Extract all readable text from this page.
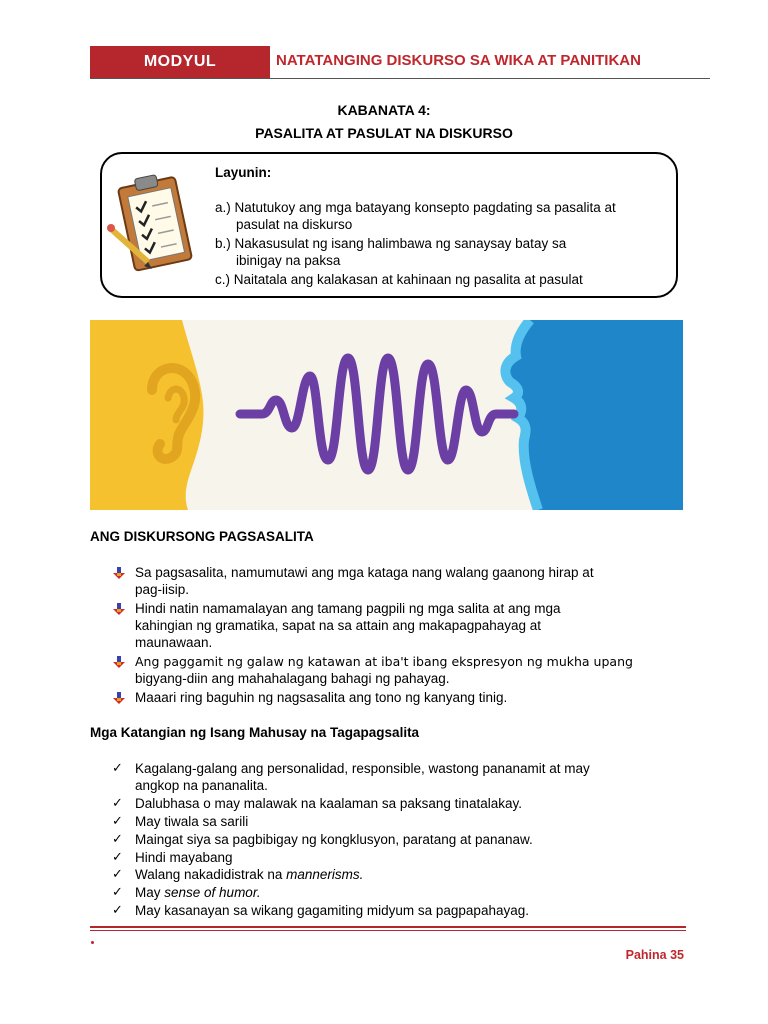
MODYUL	NATATANGING DISKURSO SA WIKA AT PANITIKAN
KABANATA 4:
PASALITA AT PASULAT NA DISKURSO
Layunin:
a.) Natutukoy ang mga batayang konsepto pagdating sa pasalita at
pasulat na diskurso
b.) Nakasusulat ng isang halimbawa ng sanaysay batay sa
ibinigay na paksa
c.) Naitatala ang kalakasan at kahinaan ng pasalita at pasulat
ANG DISKURSONG PAGSASALITA
Sa pagsasalita, namumutawi ang mga kataga nang walang gaanong hirap at
pag-iisip.
Hindi natin namamalayan ang tamang pagpili ng mga salita at ang mga
kahingian ng gramatika, sapat na sa attain ang makapagpahayag at
maunawaan.
Ang paggamit ng galaw ng katawan at iba't ibang ekspresyon ng mukha upang
bigyang-diin ang mahahalagang bahagi ng pahayag.
Maaari ring baguhin ng nagsasalita ang tono ng kanyang tinig.
Mga Katangian ng Isang Mahusay na Tagapagsalita
✓ Kagalang-galang ang personalidad, responsible, wastong pananamit at may
angkop na pananalita.
✓ Dalubhasa o may malawak na kaalaman sa paksang tinatalakay.
✓ May tiwala sa sarili
✓ Maingat siya sa pagbibigay ng kongklusyon, paratang at pananaw.
✓ Hindi mayabang
✓ Walang nakadidistrak na mannerisms.
✓ May sense of humor.
✓ May kasanayan sa wikang gagamiting midyum sa pagpapahayag.
Pahina 35
